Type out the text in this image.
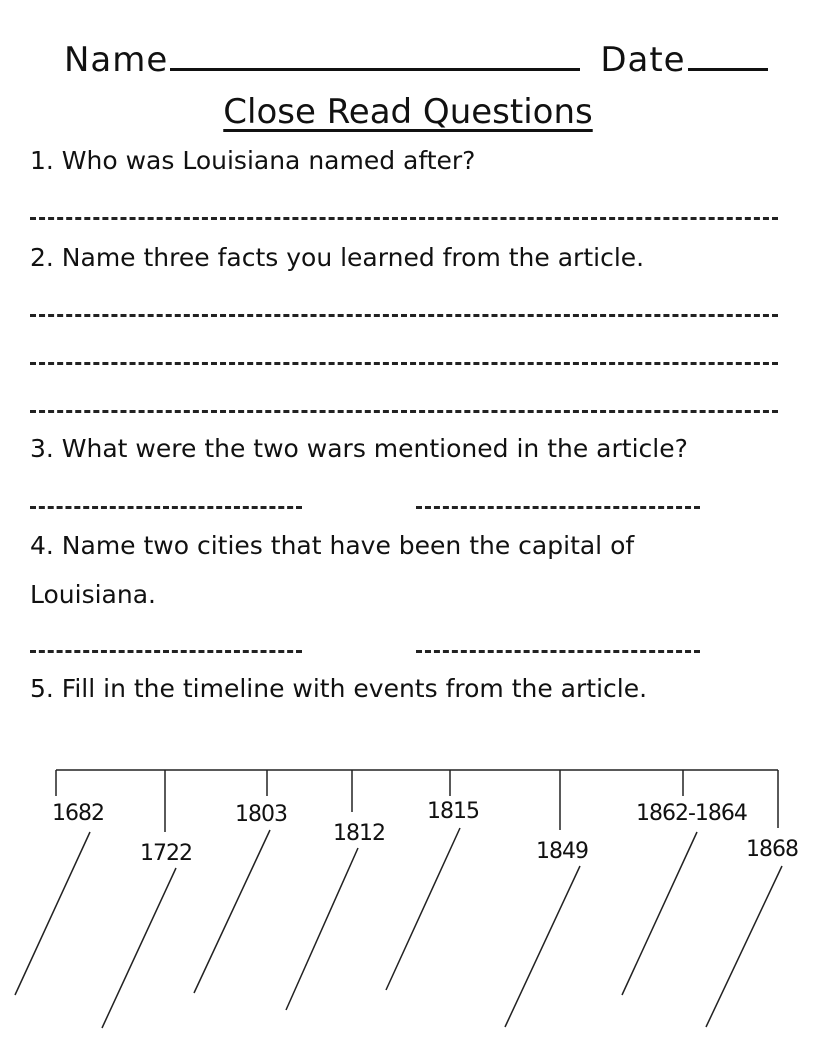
Name	Date
Close Read Questions
1. Who was Louisiana named after?
2. Name three facts you learned from the article.
3. What were the two wars mentioned in the article?
4. Name two cities that have been the capital of
Louisiana.
5. Fill in the timeline with events from the article.
1682
1722
1803
1812
1815
1849
1862-1864
1868
